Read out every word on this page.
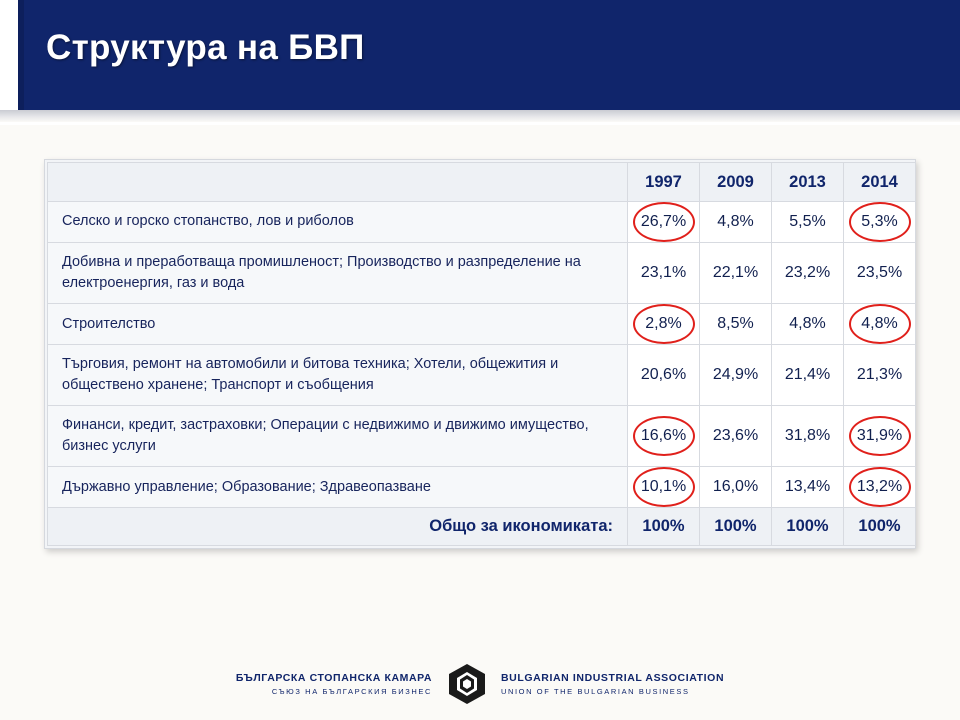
Структура на БВП
	1997	2009	2013	2014
Селско и горско стопанство, лов и риболов	26,7%	4,8%	5,5%	5,3%
Добивна и преработваща промишленост; Производство и разпределение на електроенергия, газ и вода	23,1%	22,1%	23,2%	23,5%
Строителство	2,8%	8,5%	4,8%	4,8%
Търговия, ремонт на автомобили и битова техника; Хотели, общежития и обществено хранене; Транспорт и съобщения	20,6%	24,9%	21,4%	21,3%
Финанси, кредит, застраховки; Операции с недвижимо и движимо имущество, бизнес услуги	16,6%	23,6%	31,8%	31,9%
Държавно управление; Образование; Здравеопазване	10,1%	16,0%	13,4%	13,2%
Общо за икономиката:	100%	100%	100%	100%
БЪЛГАРСКА СТОПАНСКА КАМАРА
СЪЮЗ НА БЪЛГАРСКИЯ БИЗНЕС

BULGARIAN INDUSTRIAL ASSOCIATION
UNION OF THE BULGARIAN BUSINESS
